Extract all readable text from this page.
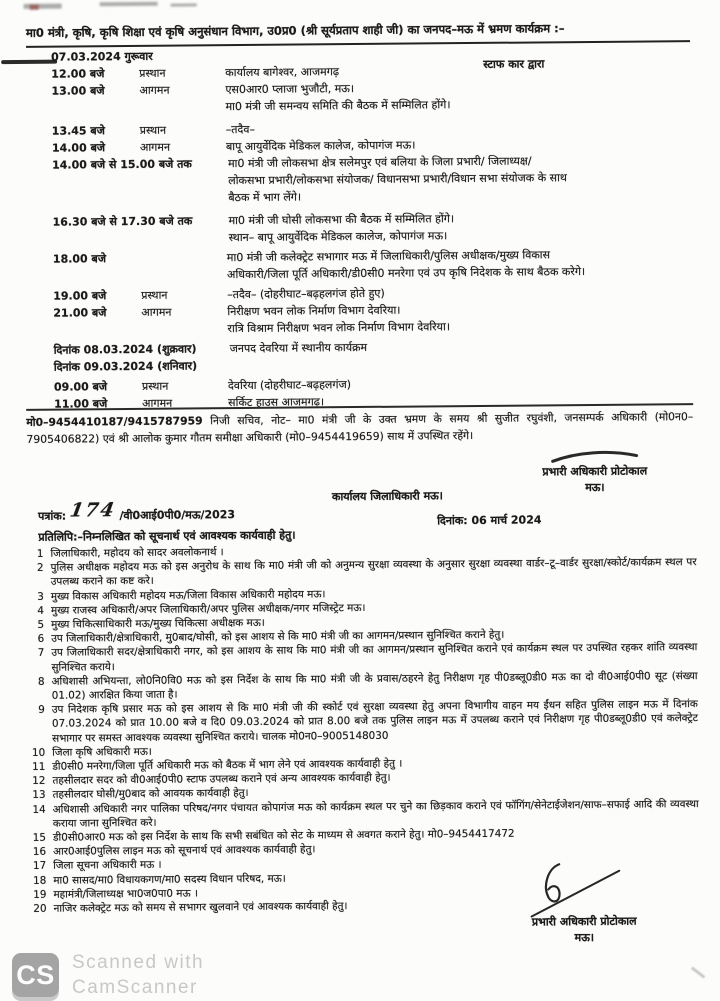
मा0 मंत्री, कृषि, कृषि शिक्षा एवं कृषि अनुसंधान विभाग, उ0प्र0 (श्री सूर्यप्रताप शाही जी) का जनपद–मऊ में भ्रमण कार्यक्रम :–
स्टाफ कार द्वारा
07.03.2024 गुरूवार
12.00 बजे	प्रस्थान	कार्यालय बागेश्वर, आजमगढ़
13.00 बजे	आगमन	एस0आर0 प्लाजा भुजौटी, मऊ।
मा0 मंत्री जी समन्वय समिति की बैठक में सम्मिलित होंगे।
13.45 बजे	प्रस्थान	–तदैव–
14.00 बजे	आगमन	बापू आयुर्वेदिक मेडिकल कालेज, कोपागंज मऊ।
14.00 बजे से 15.00 बजे तक	मा0 मंत्री जी लोकसभा क्षेत्र सलेमपुर एवं बलिया के जिला प्रभारी/ जिलाध्यक्ष/
लोकसभा प्रभारी/लोकसभा संयोजक/ विधानसभा प्रभारी/विधान सभा संयोजक के साथ
बैठक में भाग लेंगे।
16.30 बजे से 17.30 बजे तक	मा0 मंत्री जी घोसी लोकसभा की बैठक में सम्मिलित होंगे।
स्थान– बापू आयुर्वेदिक मेडिकल कालेज, कोपागंज मऊ।
18.00 बजे	मा0 मंत्री जी कलेक्ट्रेट सभागार मऊ में जिलाधिकारी/पुलिस अधीक्षक/मुख्य विकास
अधिकारी/जिला पूर्ति अधिकारी/डी0सी0 मनरेगा एवं उप कृषि निदेशक के साथ बैठक करेगे।
19.00 बजे	प्रस्थान	–तदैव– (दोहरीघाट–बढ़हलगंज होते हुए)
21.00 बजे	आगमन	निरीक्षण भवन लोक निर्माण विभाग देवरिया।
रात्रि विश्राम निरीक्षण भवन लोक निर्माण विभाग देवरिया।
दिनांक 08.03.2024 (शुक्रवार)	जनपद देवरिया में स्थानीय कार्यक्रम
दिनांक 09.03.2024 (शनिवार)
09.00 बजे	प्रस्थान	देवरिया (दोहरीघाट–बढ़हलगंज)
11.00 बजे	आगमन	सर्किट हाउस आजमगढ़।
मो0–9454410187/9415787959 निजी सचिव, नोट– मा0 मंत्री जी के उक्त भ्रमण के समय श्री सुजीत रघुवंशी, जनसम्पर्क अधिकारी (मो0न0– 7905406822) एवं श्री आलोक कुमार गौतम समीक्षा अधिकारी (मो0–9454419659) साथ में उपस्थित रहेंगे।
प्रभारी अधिकारी प्रोटोकाल
मऊ।
कार्यालय जिलाधिकारी मऊ।
पत्रांक: 174 /वी0आई0पी0/मऊ/2023	दिनांक: 06 मार्च 2024
प्रतिलिपि:–निम्नलिखित को सूचनार्थ एवं आवश्यक कार्यवाही हेतु।
1 जिलाधिकारी, महोदय को सादर अवलोकनार्थ ।
2 पुलिस अधीक्षक महोदय मऊ को इस अनुरोध के साथ कि मा0 मंत्री जी को अनुमन्य सुरक्षा व्यवस्था के अनुसार सुरक्षा व्यवस्था वार्डर–टू–वार्डर सुरक्षा/स्कोर्ट/कार्यक्रम स्थल पर उपलब्ध कराने का कष्ट करे।
3 मुख्य विकास अधिकारी महोदय मऊ/जिला विकास अधिकारी महोदय मऊ।
4 मुख्य राजस्व अधिकारी/अपर जिलाधिकारी/अपर पुलिस अधीक्षक/नगर मजिस्ट्रेट मऊ।
5 मुख्य चिकित्साधिकारी मऊ/मुख्य चिकित्सा अधीक्षक मऊ।
6 उप जिलाधिकारी/क्षेत्राधिकारी, मु0बाद/घोसी, को इस आशय से कि मा0 मंत्री जी का आगमन/प्रस्थान सुनिश्चित कराने हेतु।
7 उप जिलाधिकारी सदर/क्षेत्राधिकारी नगर, को इस आशय के साथ कि मा0 मंत्री जी का आगमन/प्रस्थान सुनिश्चित कराने एवं कार्यक्रम स्थल पर उपस्थित रहकर शांति व्यवस्था सुनिश्चित कराये।
8 अधिशासी अभियन्ता, लो0नि0वि0 मऊ को इस निर्देश के साथ कि मा0 मंत्री जी के प्रवास/ठहरने हेतु निरीक्षण गृह पी0डब्लू0डी0 मऊ का दो वी0आई0पी0 सूट (संख्या 01.02) आरक्षित किया जाता है।
9 उप निदेशक कृषि प्रसार मऊ को इस आशय से कि मा0 मंत्री जी की स्कोर्ट एवं सुरक्षा व्यवस्था हेतु अपना विभागीय वाहन मय ईंधन सहित पुलिस लाइन मऊ में दिनांक 07.03.2024 को प्रात 10.00 बजे व दि0 09.03.2024 को प्रात 8.00 बजे तक पुलिस लाइन मऊ में उपलब्ध कराने एवं निरीक्षण गृह पी0डब्लू0डी0 एवं कलेक्ट्रेट सभागार पर समस्त आवश्यक व्यवस्था सुनिश्चित कराये। चालक मो0न0–9005148030
10 जिला कृषि अधिकारी मऊ।
11 डी0सी0 मनरेगा/जिला पूर्ति अधिकारी मऊ को बैठक में भाग लेने एवं आवश्यक कार्यवाही हेतु ।
12 तहसीलदार सदर को वी0आई0पी0 स्टाफ उपलब्ध कराने एवं अन्य आवश्यक कार्यवाही हेतु।
13 तहसीलदार घोसी/मु0बाद को आवयक कार्यवाही हेतु।
14 अधिशासी अधिकारी नगर पालिका परिषद/नगर पंचायत कोपागंज मऊ को कार्यक्रम स्थल पर चुने का छिड़काव कराने एवं फॉगिंग/सेनेटाईजेशन/साफ–सफाई आदि की व्यवस्था कराया जाना सुनिश्चित करे।
15 डी0सी0आर0 मऊ को इस निर्देश के साथ कि सभी सबंधित को सेट के माध्यम से अवगत कराने हेतु। मो0–9454417472
16 आर0आई0पुलिस लाइन मऊ को सूचनार्थ एवं आवश्यक कार्यवाही हेतु।
17 जिला सूचना अधिकारी मऊ ।
18 मा0 सासद/मा0 विधायकगण/मा0 सदस्य विधान परिषद, मऊ।
19 महामंत्री/जिलाध्यक्ष भा0ज0पा0 मऊ ।
20 नाजिर कलेक्ट्रेट मऊ को समय से सभागर खुलवाने एवं आवश्यक कार्यवाही हेतु।
प्रभारी अधिकारी प्रोटोकाल
मऊ।
CS Scanned with
CamScanner
